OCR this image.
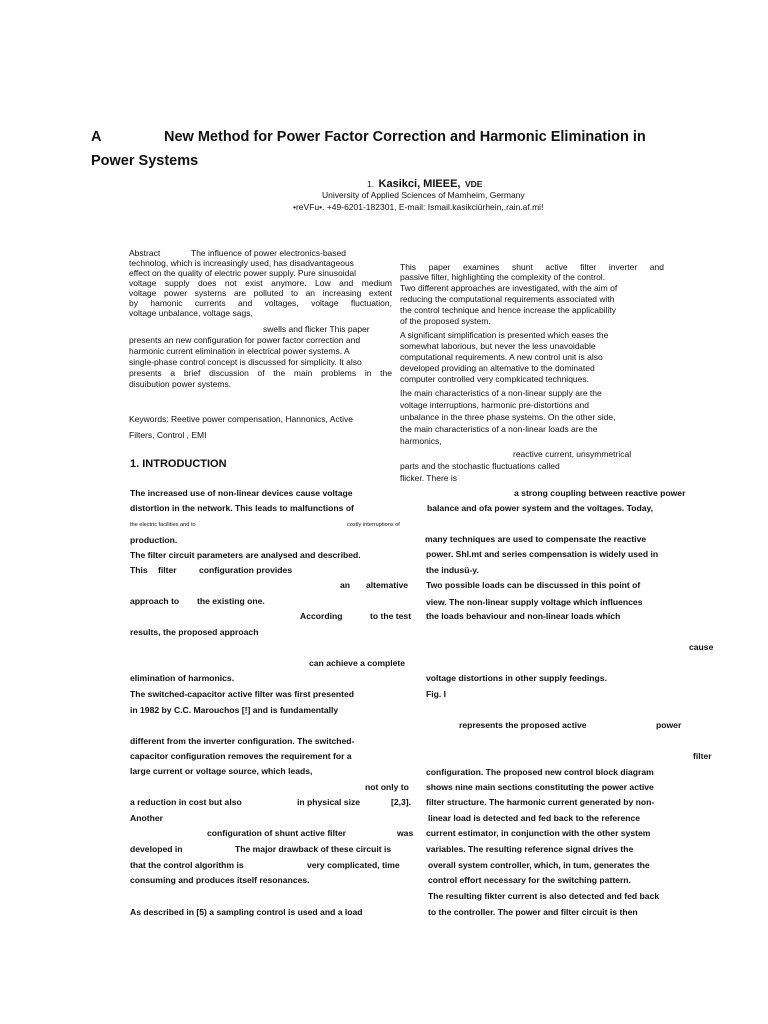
A	New Method for Power Factor Correction and Harmonic Elimination in
Power Systems
1. Kasikci, MIEEE, VDE
University of Applied Sciences of Mamheim, Germany
•reVFu•. +49-6201-182301, E-mail: Ismail.kasikciürhein,.rain.af.mi!
Abstract	The influence of power electronics-based
technolog, which is increasingly used, has disadvantageous
effect on the quality of electric power supply. Pure sinusoidal
voltage supply does not exist anymore. Low and medium
voltage power systerns are polluted to an increasing extent
by hamonic currents and voltages, voltage fluctuation,
voltage unbalance, voltage sags,
swells and flicker This paper
presents an new configuration for power factor correction and
harmonic current elimination in electrical power systems. A
single-phase control concept is discussed for simplicity. It also
presents a brief discussion of the main problems in the
disuibution power systems.
Keywords: Reetive power compensation, Hannonics, Active
Filters, Control , EMI
1. INTRODUCTION
The increased use of non-linear devices cause voltage
distortion in the network. This leads to malfunctions of
the electric facilities and to	costly interruptions of
production.
The filter circuit parameters are analysed and described.
This filter	configuration provides
an altemative
approach to the existing one.
According	to the test
results, the proposed approach
can achieve a complete
elimination of harmonics.
The switched-capacitor active filter was first presented
in 1982 by C.C. Marouchos [!] and is fundamentally
different from the inverter configuration. The switched-
capacitor configuration removes the requirement for a
large current or voltage source, which leads,
not only to
a reduction in cost but also	in physical size	[2,3].
Another
configuration of shunt active filter	was
developed in	The major drawback of these circuit is
that the control algorithm is	very complicated, time
consuming and produces itself resonances.
As described in [5) a sampling control is used and a load
This paper examines shunt active filter inverter and
passive filter, highlighting the complexity of the control.
Two different approaches are investigated, with the aim of
reducing the computational requirements associated with
the control technique and hence increase the applicability
of the proposed system.
A significant simplification is presented which eases the
somewhat laborious, but never the less unavoidable
computational requirements. A new control unit is also
developed providing an altemative to the dominated
computer controlled very compkicated techniques.
Ihe main characteristics of a non-linear supply are the
voltage interruptions, harmonic pre-distortions and
unbalance in the three phase systems. On the other side,
the main characteristics of a non-linear loads are the
harmonics,
reactive current, unsymmetrical
parts and the stochastic fluctuations called
flicker. There is
a strong coupling between reactive power
balance and ofa power system and the voltages. Today,
many techniques are used to compensate the reactive
power. Shl.mt and series compensation is widely used in
the indusü-y.
Two possible loads can be discussed in this point of
view. The non-linear supply voltage which influences
the loads behaviour and non-linear loads which
cause
voltage distortions in other supply feedings.
Fig. I
represents the proposed active	power
filter
configuration. The proposed new control block diagram
shows nine main sections constituting the power active
filter structure. The harmonic current generated by non-
linear load is detected and fed back to the reference
current estimator, in conjunction with the other system
variables. The resulting reference signal drives the
overall system controller, which, in tum, generates the
control effort necessary for the switching pattern.
The resulting fikter current is also detected and fed back
to the controller. The power and filter circuit is then
